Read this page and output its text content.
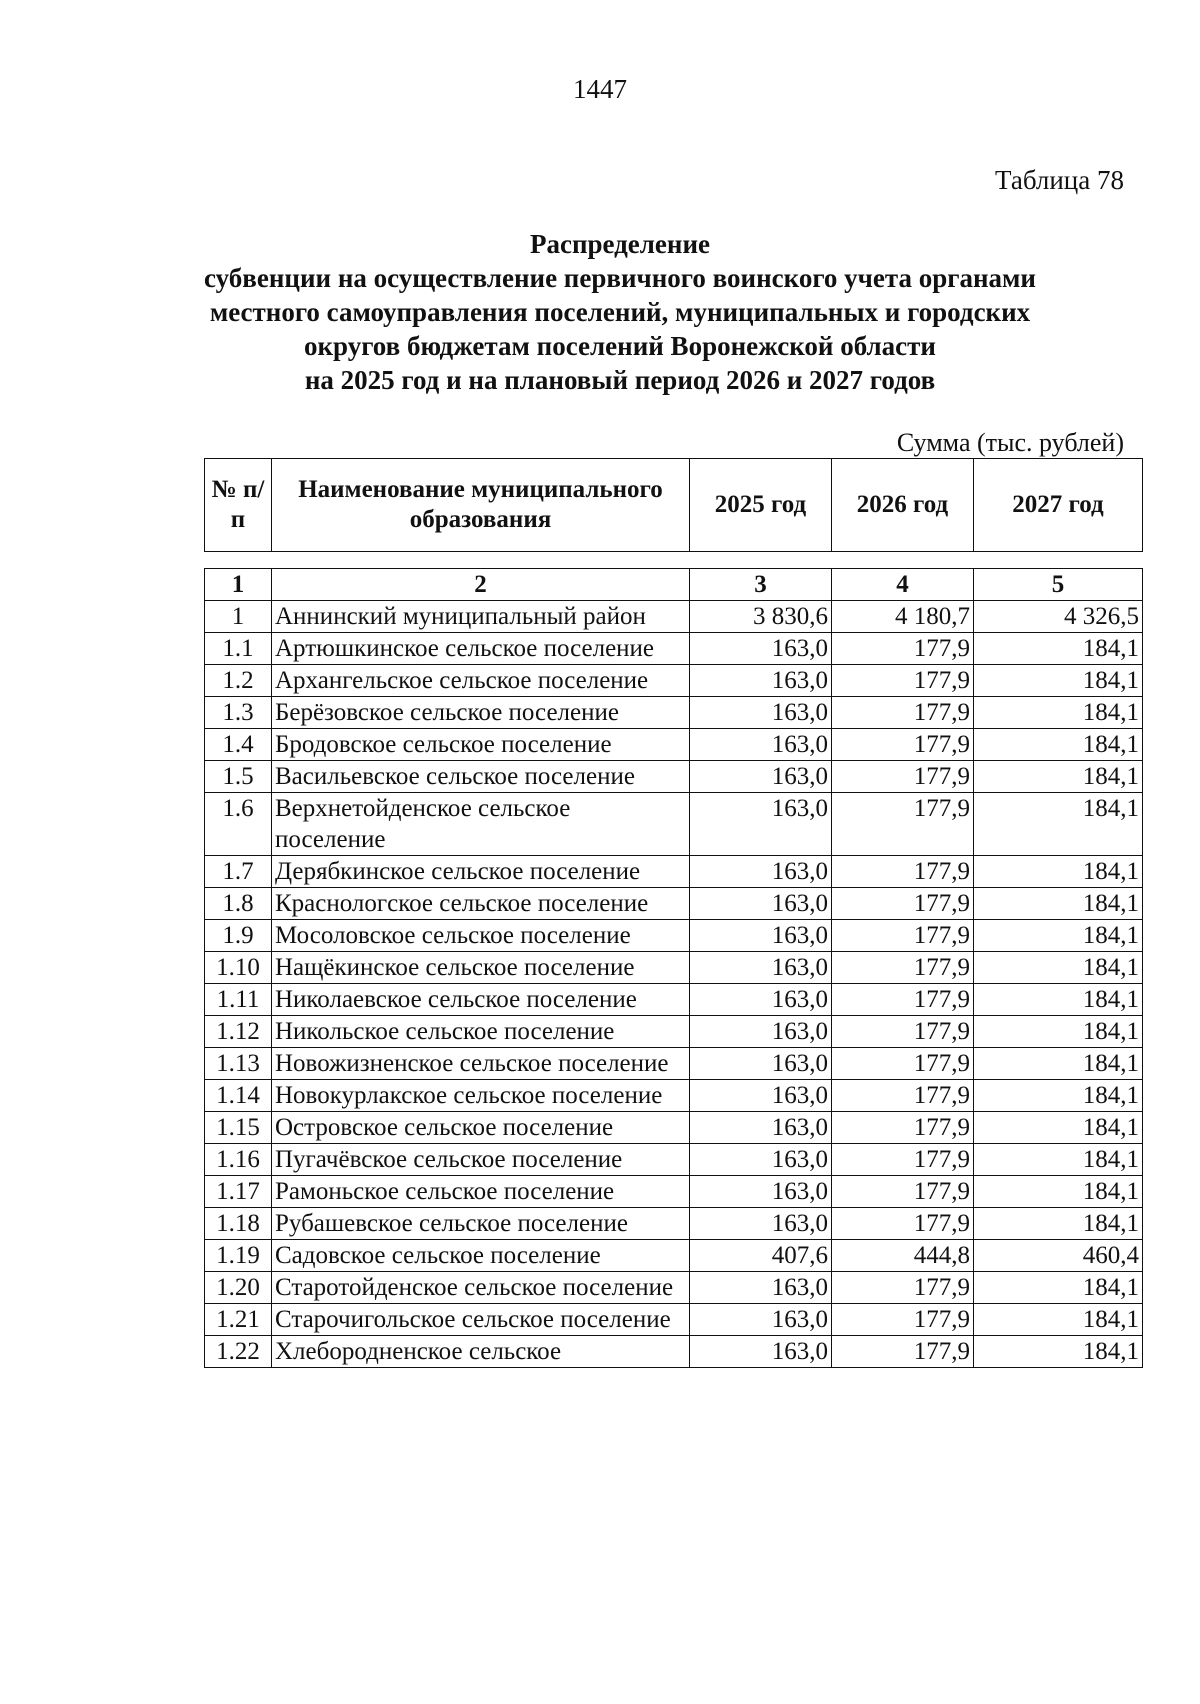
1447
Таблица 78
Распределение
субвенции на осуществление первичного воинского учета органами
местного самоуправления поселений, муниципальных и городских
округов бюджетам поселений Воронежской области
на 2025 год и на плановый период 2026 и 2027 годов
Сумма (тыс. рублей)
№ п/п	Наименование муниципального образования	2025 год	2026 год	2027 год
1	2	3	4	5
1	Аннинский муниципальный район	3 830,6	4 180,7	4 326,5
1.1	Артюшкинское сельское поселение	163,0	177,9	184,1
1.2	Архангельское сельское поселение	163,0	177,9	184,1
1.3	Берёзовское сельское поселение	163,0	177,9	184,1
1.4	Бродовское сельское поселение	163,0	177,9	184,1
1.5	Васильевское сельское поселение	163,0	177,9	184,1
1.6	Верхнетойденское сельское поселение	163,0	177,9	184,1
1.7	Дерябкинское сельское поселение	163,0	177,9	184,1
1.8	Краснологское сельское поселение	163,0	177,9	184,1
1.9	Мосоловское сельское поселение	163,0	177,9	184,1
1.10	Нащёкинское сельское поселение	163,0	177,9	184,1
1.11	Николаевское сельское поселение	163,0	177,9	184,1
1.12	Никольское сельское поселение	163,0	177,9	184,1
1.13	Новожизненское сельское поселение	163,0	177,9	184,1
1.14	Новокурлакское сельское поселение	163,0	177,9	184,1
1.15	Островское сельское поселение	163,0	177,9	184,1
1.16	Пугачёвское сельское поселение	163,0	177,9	184,1
1.17	Рамоньское сельское поселение	163,0	177,9	184,1
1.18	Рубашевское сельское поселение	163,0	177,9	184,1
1.19	Садовское сельское поселение	407,6	444,8	460,4
1.20	Старотойденское сельское поселение	163,0	177,9	184,1
1.21	Старочигольское сельское поселение	163,0	177,9	184,1
1.22	Хлебородненское сельское	163,0	177,9	184,1
